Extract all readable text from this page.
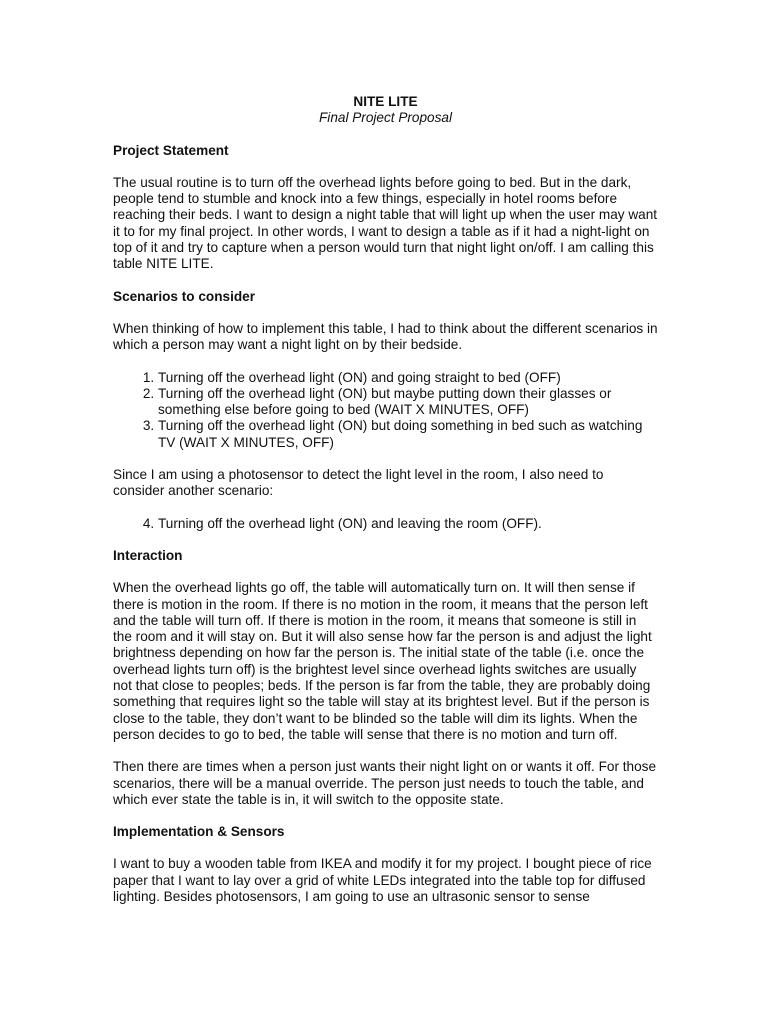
NITE LITE
Final Project Proposal
Project Statement

The usual routine is to turn off the overhead lights before going to bed. But in the dark, people tend to stumble and knock into a few things, especially in hotel rooms before reaching their beds. I want to design a night table that will light up when the user may want it to for my final project. In other words, I want to design a table as if it had a night-light on top of it and try to capture when a person would turn that night light on/off. I am calling this table NITE LITE.

Scenarios to consider

When thinking of how to implement this table, I had to think about the different scenarios in which a person may want a night light on by their bedside.

1. Turning off the overhead light (ON) and going straight to bed (OFF)
2. Turning off the overhead light (ON) but maybe putting down their glasses or something else before going to bed (WAIT X MINUTES, OFF)
3. Turning off the overhead light (ON) but doing something in bed such as watching TV (WAIT X MINUTES, OFF)

Since I am using a photosensor to detect the light level in the room, I also need to consider another scenario:

4. Turning off the overhead light (ON) and leaving the room (OFF).
Interaction

When the overhead lights go off, the table will automatically turn on. It will then sense if there is motion in the room. If there is no motion in the room, it means that the person left and the table will turn off. If there is motion in the room, it means that someone is still in the room and it will stay on. But it will also sense how far the person is and adjust the light brightness depending on how far the person is. The initial state of the table (i.e. once the overhead lights turn off) is the brightest level since overhead lights switches are usually not that close to peoples; beds. If the person is far from the table, they are probably doing something that requires light so the table will stay at its brightest level. But if the person is close to the table, they don’t want to be blinded so the table will dim its lights. When the person decides to go to bed, the table will sense that there is no motion and turn off.

Then there are times when a person just wants their night light on or wants it off. For those scenarios, there will be a manual override. The person just needs to touch the table, and which ever state the table is in, it will switch to the opposite state.

Implementation & Sensors

I want to buy a wooden table from IKEA and modify it for my project. I bought piece of rice paper that I want to lay over a grid of white LEDs integrated into the table top for diffused lighting. Besides photosensors, I am going to use an ultrasonic sensor to sense
